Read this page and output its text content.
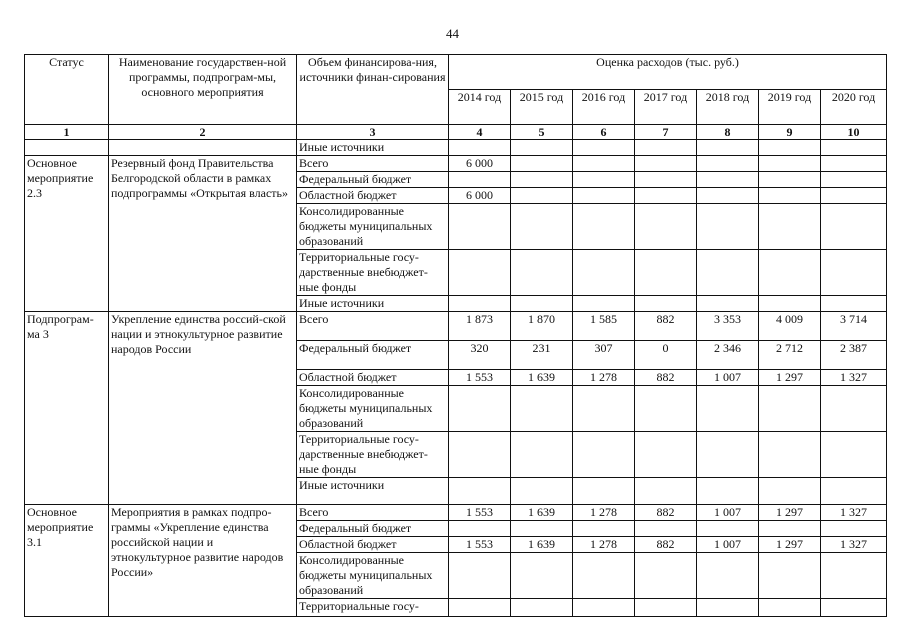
44
Статус	Наименование государствен-ной программы, подпрограм-мы, основного мероприятия	Объем финансирова-ния, источники финан-сирования	Оценка расходов (тыс. руб.)						
			2014 год	2015 год	2016 год	2017 год	2018 год	2019 год	2020 год
1	2	3	4	5	6	7	8	9	10
		Иные источники							
Основное мероприятие 2.3	Резервный фонд Правительства Белгородской области в рамках подпрограммы «Открытая власть»	Всего	6 000						
		Федеральный бюджет							
		Областной бюджет	6 000						
		Консолидированные бюджеты муниципальных образований							
		Территориальные госу-дарственные внебюджет-ные фонды							
		Иные источники							
Подпрограм-ма 3	Укрепление единства россий-ской нации и этнокультурное развитие народов России	Всего	1 873	1 870	1 585	882	3 353	4 009	3 714
		Федеральный бюджет	320	231	307	0	2 346	2 712	2 387
		Областной бюджет	1 553	1 639	1 278	882	1 007	1 297	1 327
		Консолидированные бюджеты муниципальных образований							
		Территориальные госу-дарственные внебюджет-ные фонды							
		Иные источники							
Основное мероприятие 3.1	Мероприятия в рамках подпро-граммы «Укрепление единства российской нации и этнокультурное развитие народов России»	Всего	1 553	1 639	1 278	882	1 007	1 297	1 327
		Федеральный бюджет							
		Областной бюджет	1 553	1 639	1 278	882	1 007	1 297	1 327
		Консолидированные бюджеты муниципальных образований							
		Территориальные госу-							
